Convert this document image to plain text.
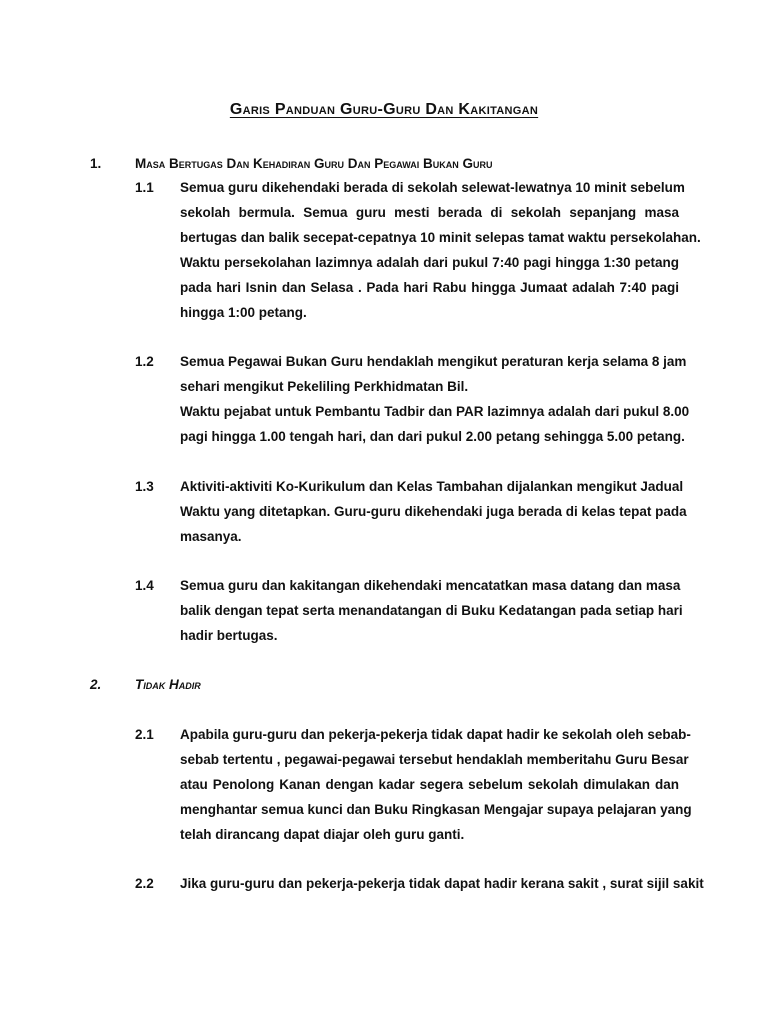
Garis Panduan Guru-Guru Dan Kakitangan
1. Masa Bertugas Dan Kehadiran Guru Dan Pegawai Bukan Guru
1.1 Semua guru dikehendaki berada di sekolah selewat-lewatnya 10 minit sebelum
sekolah bermula. Semua guru mesti berada di sekolah sepanjang masa
bertugas dan balik secepat-cepatnya 10 minit selepas tamat waktu persekolahan.
Waktu persekolahan lazimnya adalah dari pukul 7:40 pagi hingga 1:30 petang
pada hari Isnin dan Selasa . Pada hari Rabu hingga Jumaat adalah 7:40 pagi
hingga 1:00 petang.
1.2 Semua Pegawai Bukan Guru hendaklah mengikut peraturan kerja selama 8 jam
sehari mengikut Pekeliling Perkhidmatan Bil.
Waktu pejabat untuk Pembantu Tadbir dan PAR lazimnya adalah dari pukul 8.00
pagi hingga 1.00 tengah hari, dan dari pukul 2.00 petang sehingga 5.00 petang.
1.3 Aktiviti-aktiviti Ko-Kurikulum dan Kelas Tambahan dijalankan mengikut Jadual
Waktu yang ditetapkan. Guru-guru dikehendaki juga berada di kelas tepat pada
masanya.
1.4 Semua guru dan kakitangan dikehendaki mencatatkan masa datang dan masa
balik dengan tepat serta menandatangan di Buku Kedatangan pada setiap hari
hadir bertugas.
2. Tidak Hadir
2.1 Apabila guru-guru dan pekerja-pekerja tidak dapat hadir ke sekolah oleh sebab-
sebab tertentu , pegawai-pegawai tersebut hendaklah memberitahu Guru Besar
atau Penolong Kanan dengan kadar segera sebelum sekolah dimulakan dan
menghantar semua kunci dan Buku Ringkasan Mengajar supaya pelajaran yang
telah dirancang dapat diajar oleh guru ganti.
2.2 Jika guru-guru dan pekerja-pekerja tidak dapat hadir kerana sakit , surat sijil sakit
